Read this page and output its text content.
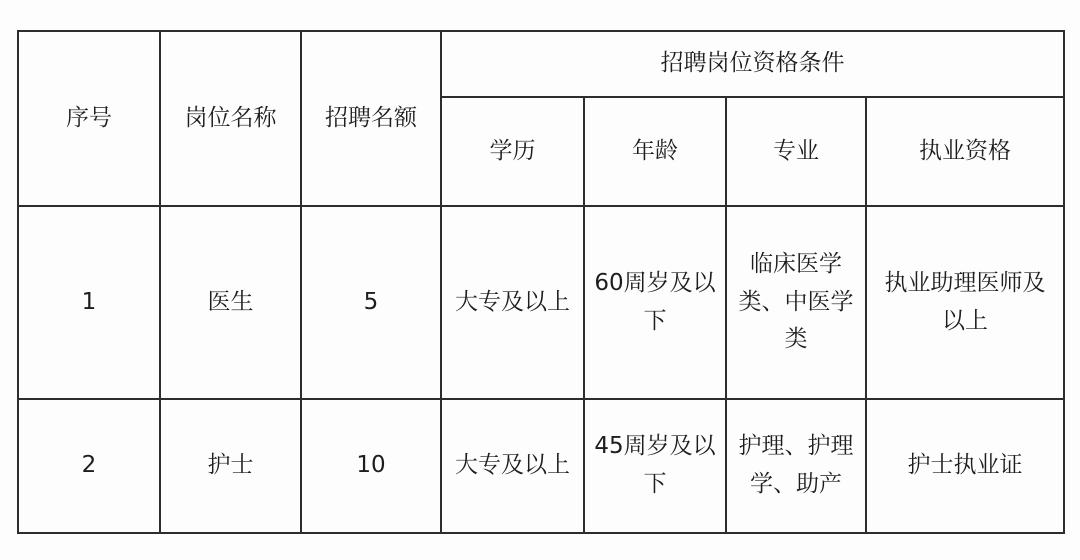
序号	岗位名称	招聘名额	招聘岗位资格条件			
			学历	年龄	专业	执业资格
1	医生	5	大专及以上	60周岁及以下	临床医学类、中医学类	执业助理医师及以上
2	护士	10	大专及以上	45周岁及以下	护理、护理学、助产	护士执业证
